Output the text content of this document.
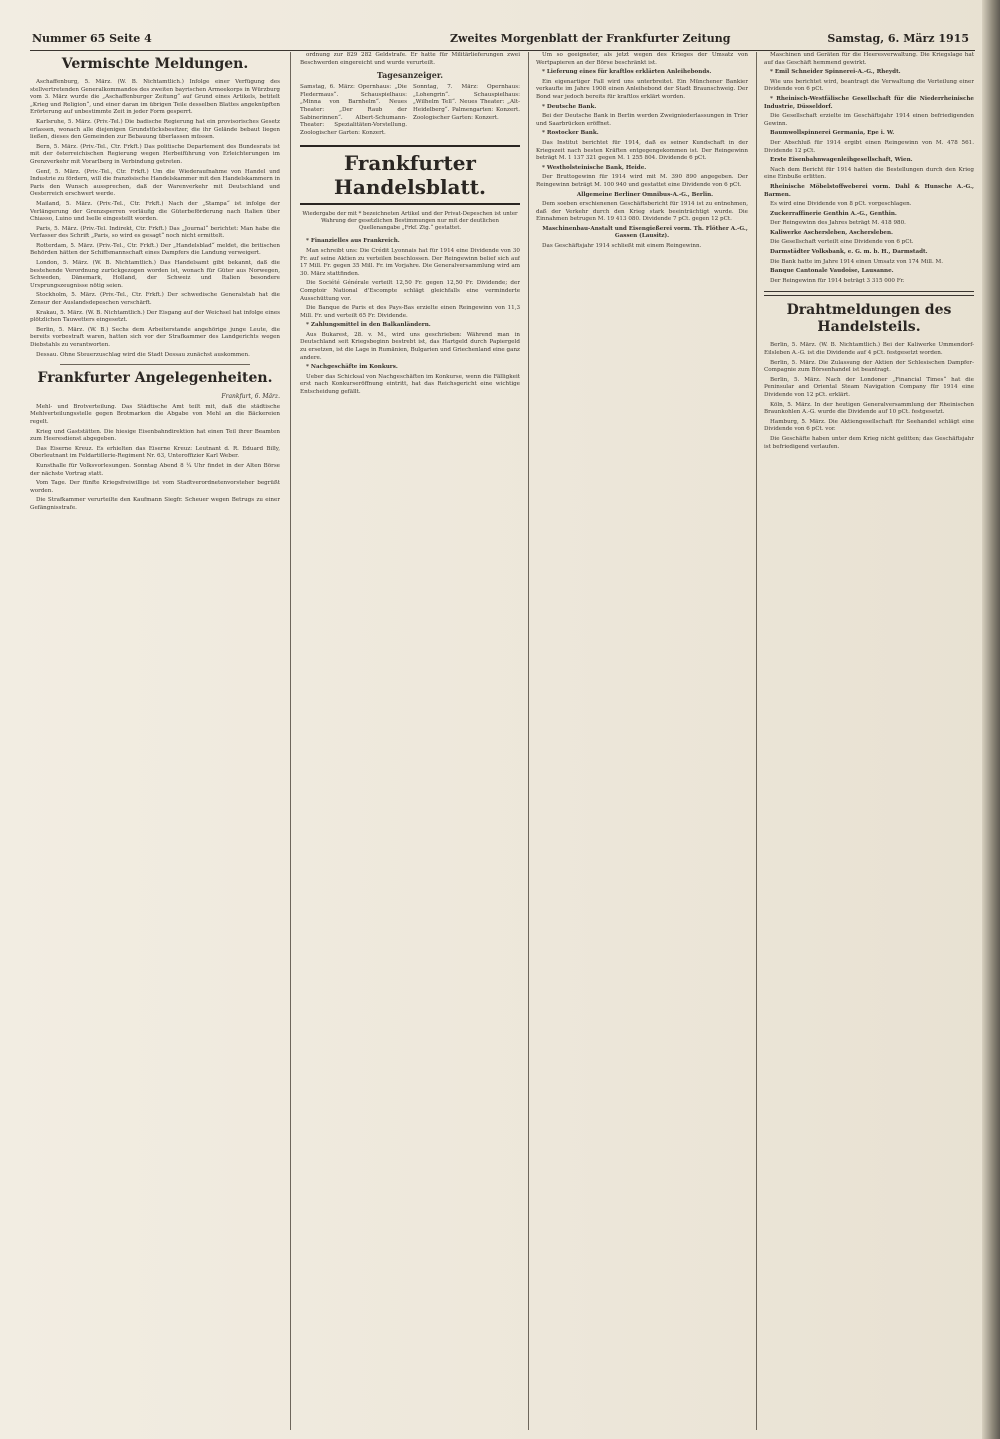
Nummer 65 Seite 4	Zweites Morgenblatt der Frankfurter Zeitung	Samstag, 6. März 1915
Vermischte Meldungen.

Aschaffenburg, 5. März. (W. B. Nichtamtlich.) Infolge einer Verfügung des stellvertretenden Generalkommandos des zweiten bayrischen Armeekorps in Würzburg vom 3. März wurde die „Aschaffenburger Zeitung“ auf Grund eines Artikels, betitelt „Krieg und Religion“, und einer daran im übrigen Teile desselben Blattes angeknüpften Erörterung auf unbestimmte Zeit in jeder Form gesperrt.

Karlsruhe, 5. März. (Priv.-Tel.) Die badische Regierung hat ein provisorisches Gesetz erlassen, wonach alle diejenigen Grundstücksbesitzer, die ihr Gelände bebaut liegen ließen, dieses den Gemeinden zur Bebauung überlassen müssen.

Bern, 5. März. (Priv.-Tel., Ctr. Frkft.) Das politische Departement des Bundesrats ist mit der österreichischen Regierung wegen Herbeiführung von Erleichterungen im Grenzverkehr mit Vorarlberg in Verbindung getreten.

Genf, 5. März. (Priv.-Tel., Ctr. Frkft.) Um die Wiederaufnahme von Handel und Industrie zu fördern, will die französische Handelskammer mit den Handelskammern in Paris den Wunsch aussprechen, daß der Warenverkehr mit Deutschland und Oesterreich erschwert werde.

Mailand, 5. März. (Priv.-Tel., Ctr. Frkft.) Nach der „Stampa“ ist infolge der Verlängerung der Grenzsperren vorläufig die Güterbeförderung nach Italien über Chiasso, Luino und Iselle eingestellt worden.

Paris, 5. März. (Priv.-Tel. Indirekt, Ctr. Frkft.) Das „Journal“ berichtet: Man habe die Verfasser des Schrift „Paris, so wird es gesagt“ noch nicht ermittelt.

Rotterdam, 5. März. (Priv.-Tel., Ctr. Frkft.) Der „Handelsblad“ meldet, die britischen Behörden hätten der Schiffsmannschaft eines Dampfers die Landung verweigert.

London, 5. März. (W. B. Nichtamtlich.) Das Handelsamt gibt bekannt, daß die bestehende Verordnung zurückgezogen worden ist, wonach für Güter aus Norwegen, Schweden, Dänemark, Holland, der Schweiz und Italien besondere Ursprungszeugnisse nötig seien.

Stockholm, 5. März. (Priv.-Tel., Ctr. Frkft.) Der schwedische Generalstab hat die Zensur der Auslandsdepeschen verschärft.

Krakau, 5. März. (W. B. Nichtamtlich.) Der Eisgang auf der Weichsel hat infolge eines plötzlichen Tauwetters eingesetzt.

Berlin, 5. März. (W. B.) Sechs dem Arbeiterstande angehörige junge Leute, die bereits vorbestraft waren, hatten sich vor der Strafkammer des Landgerichts wegen Diebstahls zu verantworten.

Dessau. Ohne Steuerzuschlag wird die Stadt Dessau zunächst auskommen.

Frankfurter Angelegenheiten.
Frankfurt, 6. März.

Mehl- und Brotverteilung. Das Städtische Amt teilt mit, daß die städtische Mehlverteilungsstelle gegen Brotmarken die Abgabe von Mehl an die Bäckereien regelt.

Krieg und Gaststätten. Die hiesige Eisenbahndirektion hat einen Teil ihrer Beamten zum Heeresdienst abgegeben.

Das Eiserne Kreuz. Es erhielten das Eiserne Kreuz: Leutnant d. R. Eduard Billy, Oberleutnant im Feldartillerie-Regiment Nr. 63, Unteroffizier Karl Weber.

Kunsthalle für Volksvorlesungen. Sonntag Abend 8 ¼ Uhr findet in der Alten Börse der nächste Vortrag statt.

Vom Tage. Der fünfte Kriegsfreiwillige ist vom Stadtverordnetenvorsteher begrüßt worden.

Die Strafkammer verurteilte den Kaufmann Siegfr. Scheuer wegen Betrugs zu einer Gefängnisstrafe.

ordnung zur 829 282 Geldstrafe. Er hatte für Militärlieferungen zwei Beschwerden eingereicht und wurde verurteilt.

Tagesanzeiger.

Samstag, 6. März: Opernhaus: „Die Fledermaus“. Schauspielhaus: „Minna von Barnhelm“. Neues Theater: „Der Raub der Sabinerinnen“. Albert-Schumann-Theater: Spezialitäten-Vorstellung. Zoologischer Garten: Konzert.

Sonntag, 7. März: Opernhaus: „Lohengrin“. Schauspielhaus: „Wilhelm Tell“. Neues Theater: „Alt-Heidelberg“. Palmengarten: Konzert. Zoologischer Garten: Konzert.

Frankfurter Handelsblatt.
Wiedergabe der mit * bezeichneten Artikel und der Privat-Depeschen ist unter Wahrung der gesetzlichen Bestimmungen nur mit der deutlichen Quellenangabe „Frkf. Ztg.“ gestattet.

* Finanzielles aus Frankreich.

Man schreibt uns: Die Crédit Lyonnais hat für 1914 eine Dividende von 30 Fr. auf seine Aktien zu verteilen beschlossen. Der Reingewinn belief sich auf 17 Mill. Fr. gegen 35 Mill. Fr. im Vorjahre. Die Generalversammlung wird am 30. März stattfinden.

Die Société Générale verteilt 12,50 Fr. gegen 12,50 Fr. Dividende; der Comptoir National d'Escompte schlägt gleichfalls eine verminderte Ausschüttung vor.

Die Banque de Paris et des Pays-Bas erzielte einen Reingewinn von 11,3 Mill. Fr. und verteilt 65 Fr. Dividende.

* Zahlungsmittel in den Balkanländern.

Aus Bukarest, 28. v. M., wird uns geschrieben: Während man in Deutschland seit Kriegsbeginn bestrebt ist, das Hartgeld durch Papiergeld zu ersetzen, ist die Lage in Rumänien, Bulgarien und Griechenland eine ganz andere.

* Nachgeschäfte im Konkurs.

Ueber das Schicksal von Nachgeschäften im Konkurse, wenn die Fälligkeit erst nach Konkurseröffnung eintritt, hat das Reichsgericht eine wichtige Entscheidung gefällt.

Um so geeigneter, als jetzt wegen des Krieges der Umsatz von Wertpapieren an der Börse beschränkt ist.

* Lieferung eines für kraftlos erklärten Anleihebonds.

Ein eigenartiger Fall wird uns unterbreitet. Ein Münchener Bankier verkaufte im Jahre 1908 einen Anleihebond der Stadt Braunschweig. Der Bond war jedoch bereits für kraftlos erklärt worden.

* Deutsche Bank.

Bei der Deutsche Bank in Berlin werden Zweigniederlassungen in Trier und Saarbrücken eröffnet.

* Rostocker Bank.

Das Institut berichtet für 1914, daß es seiner Kundschaft in der Kriegszeit nach besten Kräften entgegengekommen ist. Der Reingewinn beträgt M. 1 137 321 gegen M. 1 255 804. Dividende 6 pCt.

* Westholsteinische Bank, Heide.

Der Bruttogewinn für 1914 wird mit M. 390 890 angegeben. Der Reingewinn beträgt M. 100 940 und gestattet eine Dividende von 6 pCt.

Allgemeine Berliner Omnibus-A.-G., Berlin.

Dem soeben erschienenen Geschäftsbericht für 1914 ist zu entnehmen, daß der Verkehr durch den Krieg stark beeinträchtigt wurde. Die Einnahmen betrugen M. 19 413 080. Dividende 7 pCt. gegen 12 pCt.

Maschinenbau-Anstalt und Eisengießerei vorm. Th. Flöther A.-G., Gassen (Lausitz).

Das Geschäftsjahr 1914 schließt mit einem Reingewinn.

Maschinen und Geräten für die Heeresverwaltung. Die Kriegslage hat auf das Geschäft hemmend gewirkt.

* Emil Schneider Spinnerei-A.-G., Rheydt.

Wie uns berichtet wird, beantragt die Verwaltung die Verteilung einer Dividende von 6 pCt.

* Rheinisch-Westfälische Gesellschaft für die Niederrheinische Industrie, Düsseldorf.

Die Gesellschaft erzielte im Geschäftsjahr 1914 einen befriedigenden Gewinn.

Baumwollspinnerei Germania, Epe i. W.

Der Abschluß für 1914 ergibt einen Reingewinn von M. 478 561. Dividende 12 pCt.

Erste Eisenbahnwagenleihgesellschaft, Wien.

Nach dem Bericht für 1914 hatten die Bestellungen durch den Krieg eine Einbuße erlitten.

Rheinische Möbelstoffweberei vorm. Dahl & Hunsche A.-G., Barmen.

Es wird eine Dividende von 8 pCt. vorgeschlagen.

Zuckerraffinerie Genthin A.-G., Genthin.

Der Reingewinn des Jahres beträgt M. 418 980.

Kaliwerke Aschersleben, Aschersleben.

Die Gesellschaft verteilt eine Dividende von 6 pCt.

Darmstädter Volksbank, e. G. m. b. H., Darmstadt.

Die Bank hatte im Jahre 1914 einen Umsatz von 174 Mill. M.

Banque Cantonale Vaudoise, Lausanne.

Der Reingewinn für 1914 beträgt 3 315 000 Fr.

Drahtmeldungen des Handelsteils.

Berlin, 5. März. (W. B. Nichtamtlich.) Bei der Kaliwerke Ummendorf-Eilsleben A.-G. ist die Dividende auf 4 pCt. festgesetzt worden.

Berlin, 5. März. Die Zulassung der Aktien der Schlesischen Dampfer-Compagnie zum Börsenhandel ist beantragt.

Berlin, 5. März. Nach der Londoner „Financial Times“ hat die Peninsular and Oriental Steam Navigation Company für 1914 eine Dividende von 12 pCt. erklärt.

Köln, 5. März. In der heutigen Generalversammlung der Rheinischen Braunkohlen A.-G. wurde die Dividende auf 10 pCt. festgesetzt.

Hamburg, 5. März. Die Aktiengesellschaft für Seehandel schlägt eine Dividende von 6 pCt. vor.

Die Geschäfte haben unter dem Krieg nicht gelitten; das Geschäftsjahr ist befriedigend verlaufen.
